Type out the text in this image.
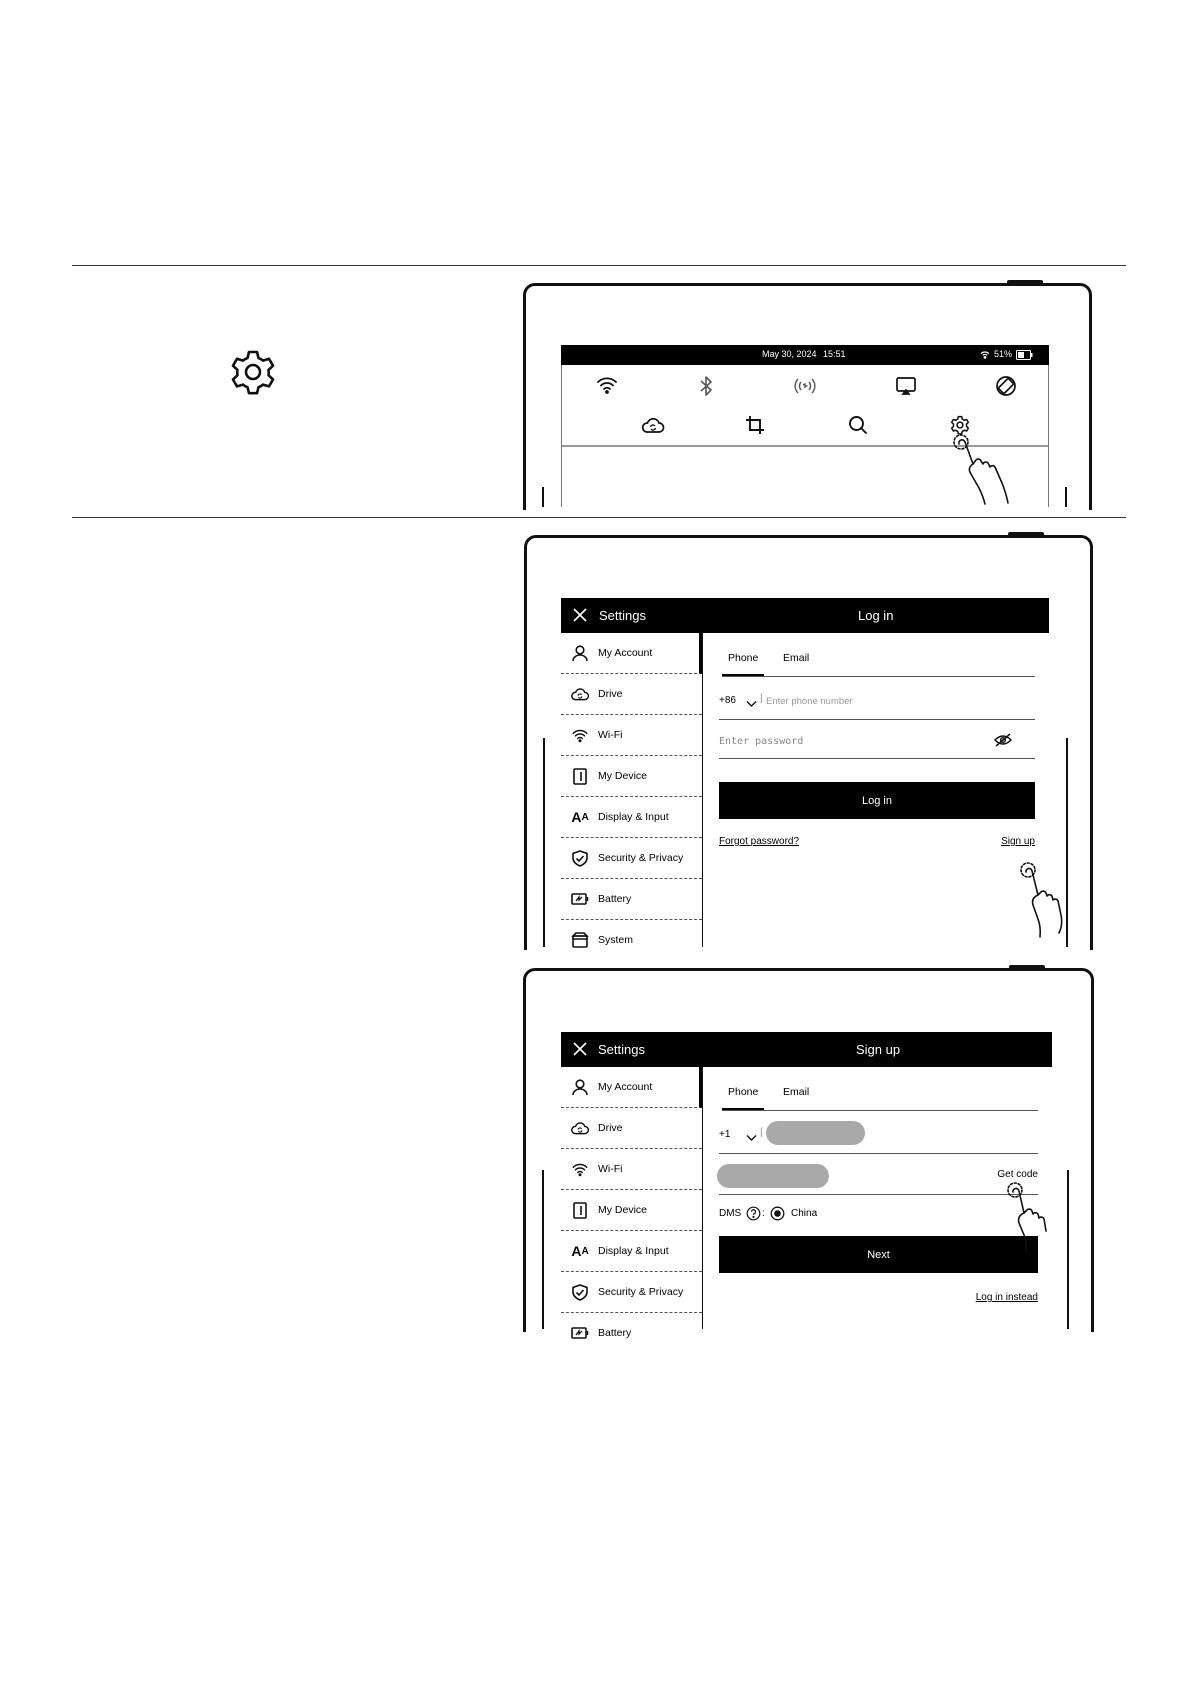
May 30, 2024 15:51	51%
Settings	Log in
My Account
Drive
Wi-Fi
My Device
A A Display & Input
Security & Privacy
Battery
System
Phone Email
+86 | Enter phone number
Enter password
Log in
Forgot password?	Sign up
Settings	Sign up
My Account
Drive
Wi-Fi
My Device
A A Display & Input
Security & Privacy
Battery
Phone Email
+1	|
Get code
DMS :	China
Next
Log in instead
